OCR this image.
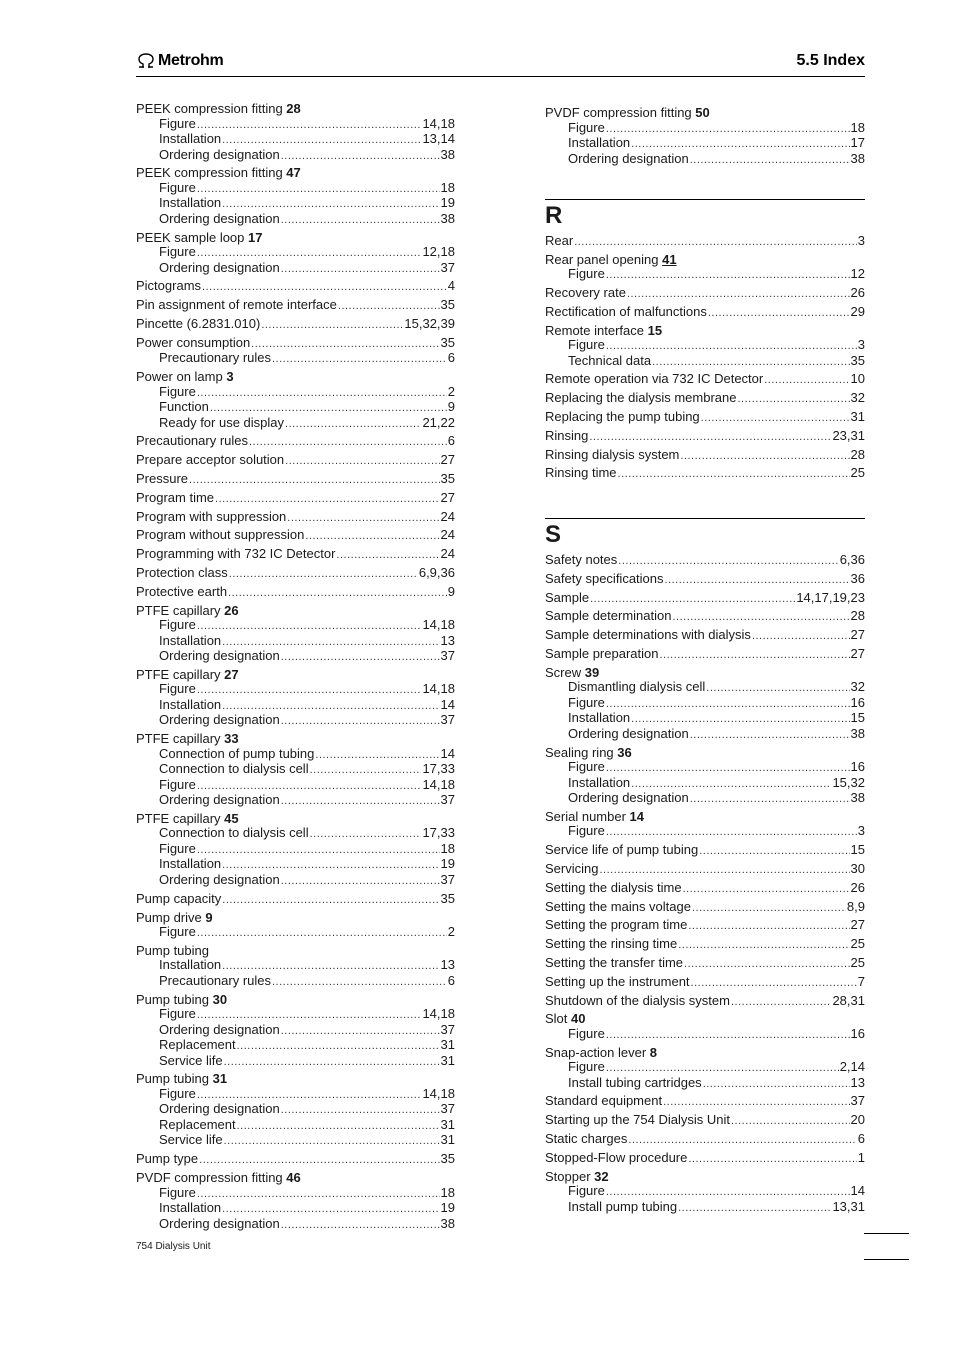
Metrohm	5.5 Index
PEEK compression fitting 28
Figure .....	14,18
Installation .....	13,14
Ordering designation .....	38
PEEK compression fitting 47
Figure .....	18
Installation .....	19
Ordering designation .....	38
PEEK sample loop 17
Figure .....	12,18
Ordering designation .....	37
Pictograms .....	4
Pin assignment of remote interface .....	35
Pincette (6.2831.010) .....	15,32,39
Power consumption .....	35
Precautionary rules .....	6
Power on lamp 3
Figure .....	2
Function .....	9
Ready for use display .....	21,22
Precautionary rules .....	6
Prepare acceptor solution .....	27
Pressure .....	35
Program time .....	27
Program with suppression .....	24
Program without suppression .....	24
Programming with 732 IC Detector .....	24
Protection class .....	6,9,36
Protective earth .....	9
PTFE capillary 26
Figure .....	14,18
Installation .....	13
Ordering designation .....	37
PTFE capillary 27
Figure .....	14,18
Installation .....	14
Ordering designation .....	37
PTFE capillary 33
Connection of pump tubing .....	14
Connection to dialysis cell .....	17,33
Figure .....	14,18
Ordering designation .....	37
PTFE capillary 45
Connection to dialysis cell .....	17,33
Figure .....	18
Installation .....	19
Ordering designation .....	37
Pump capacity .....	35
Pump drive 9
Figure .....	2
Pump tubing
Installation .....	13
Precautionary rules .....	6
Pump tubing 30
Figure .....	14,18
Ordering designation .....	37
Replacement .....	31
Service life .....	31
Pump tubing 31
Figure .....	14,18
Ordering designation .....	37
Replacement .....	31
Service life .....	31
Pump type .....	35
PVDF compression fitting 46
Figure .....	18
Installation .....	19
Ordering designation .....	38
PVDF compression fitting 50
Figure .....	18
Installation .....	17
Ordering designation .....	38
R
Rear .....	3
Rear panel opening 41
Figure .....	12
Recovery rate .....	26
Rectification of malfunctions .....	29
Remote interface 15
Figure .....	3
Technical data .....	35
Remote operation via 732 IC Detector .....	10
Replacing the dialysis membrane .....	32
Replacing the pump tubing .....	31
Rinsing .....	23,31
Rinsing dialysis system .....	28
Rinsing time .....	25
S
Safety notes .....	6,36
Safety specifications .....	36
Sample .....	14,17,19,23
Sample determination .....	28
Sample determinations with dialysis .....	27
Sample preparation .....	27
Screw 39
Dismantling dialysis cell .....	32
Figure .....	16
Installation .....	15
Ordering designation .....	38
Sealing ring 36
Figure .....	16
Installation .....	15,32
Ordering designation .....	38
Serial number 14
Figure .....	3
Service life of pump tubing .....	15
Servicing .....	30
Setting the dialysis time .....	26
Setting the mains voltage .....	8,9
Setting the program time .....	27
Setting the rinsing time .....	25
Setting the transfer time .....	25
Setting up the instrument .....	7
Shutdown of the dialysis system .....	28,31
Slot 40
Figure .....	16
Snap-action lever 8
Figure .....	2,14
Install tubing cartridges .....	13
Standard equipment .....	37
Starting up the 754 Dialysis Unit .....	20
Static charges .....	6
Stopped-Flow procedure .....	1
Stopper 32
Figure .....	14
Install pump tubing .....	13,31
754 Dialysis Unit
